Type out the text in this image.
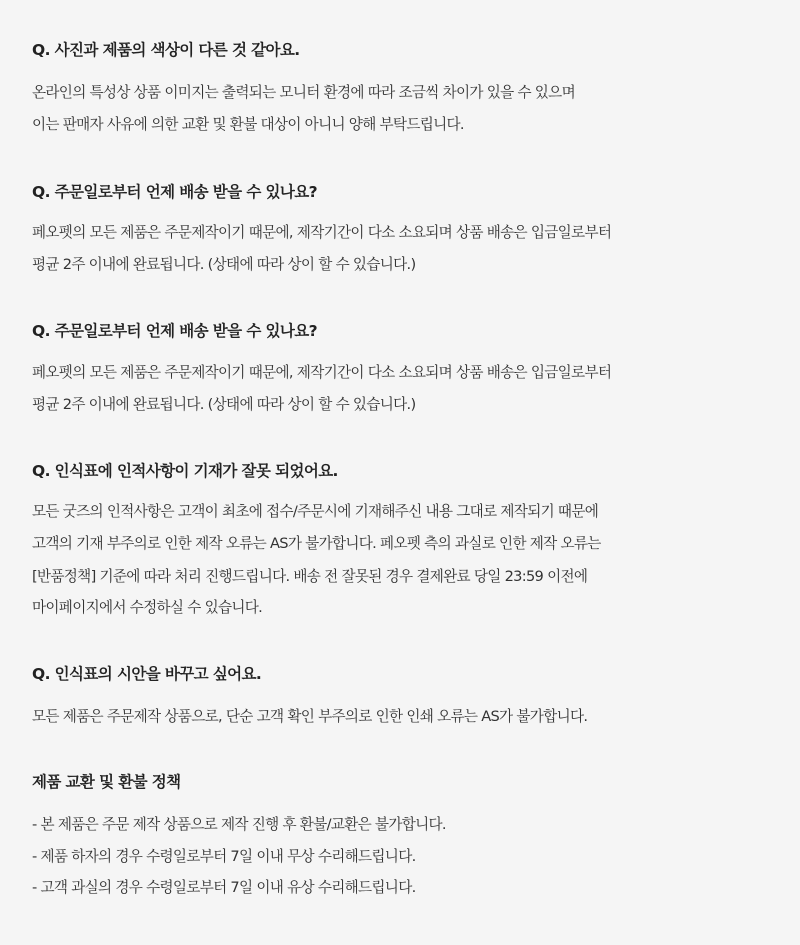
Q. 사진과 제품의 색상이 다른 것 같아요.
온라인의 특성상 상품 이미지는 출력되는 모니터 환경에 따라 조금씩 차이가 있을 수 있으며
이는 판매자 사유에 의한 교환 및 환불 대상이 아니니 양해 부탁드립니다.
Q. 주문일로부터 언제 배송 받을 수 있나요?
페오펫의 모든 제품은 주문제작이기 때문에, 제작기간이 다소 소요되며 상품 배송은 입금일로부터
평균 2주 이내에 완료됩니다. (상태에 따라 상이 할 수 있습니다.)
Q. 주문일로부터 언제 배송 받을 수 있나요?
페오펫의 모든 제품은 주문제작이기 때문에, 제작기간이 다소 소요되며 상품 배송은 입금일로부터
평균 2주 이내에 완료됩니다. (상태에 따라 상이 할 수 있습니다.)
Q. 인식표에 인적사항이 기재가 잘못 되었어요.
모든 굿즈의 인적사항은 고객이 최초에 접수/주문시에 기재해주신 내용 그대로 제작되기 때문에
고객의 기재 부주의로 인한 제작 오류는 AS가 불가합니다. 페오펫 측의 과실로 인한 제작 오류는
[반품정책] 기준에 따라 처리 진행드립니다. 배송 전 잘못된 경우 결제완료 당일 23:59 이전에
마이페이지에서 수정하실 수 있습니다.
Q. 인식표의 시안을 바꾸고 싶어요.
모든 제품은 주문제작 상품으로, 단순 고객 확인 부주의로 인한 인쇄 오류는 AS가 불가합니다.
제품 교환 및 환불 정책
- 본 제품은 주문 제작 상품으로 제작 진행 후 환불/교환은 불가합니다.
- 제품 하자의 경우 수령일로부터 7일 이내 무상 수리해드립니다.
- 고객 과실의 경우 수령일로부터 7일 이내 유상 수리해드립니다.
